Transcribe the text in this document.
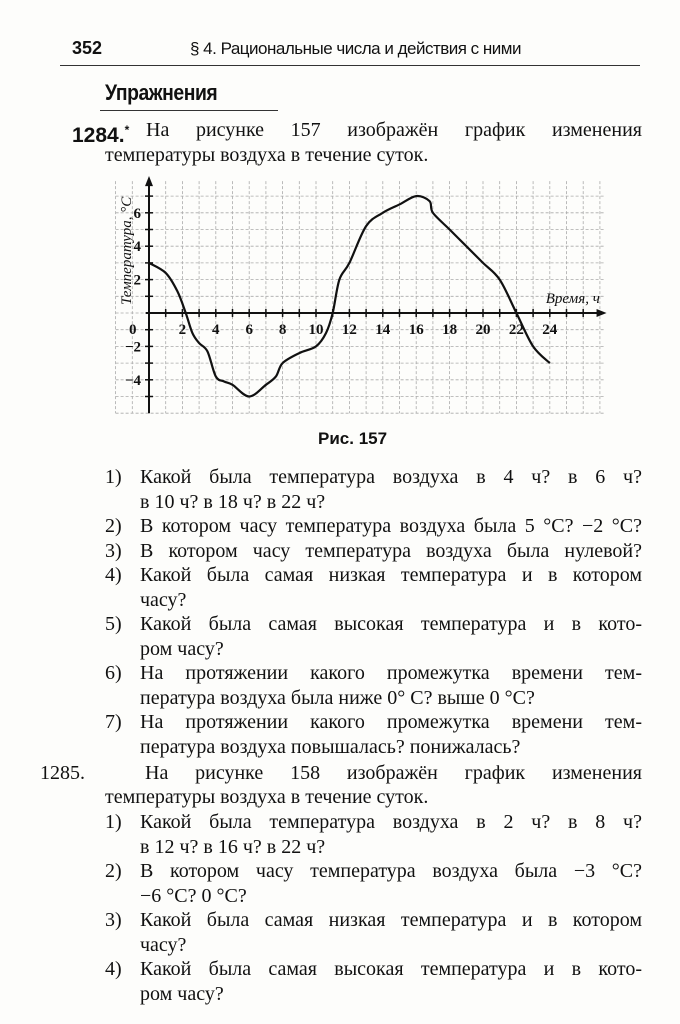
352	§ 4. Рациональные числа и действия с ними
Упражнения
1284.* На рисунке 157 изображён график изменения
температуры воздуха в течение суток.
0	2 4 6 8 10 12 14 16 18 20 22 24
6
4
2
−2
−4
Время, ч
Температура, °С
Рис. 157
1285.	На рисунке 158 изображён график изменения
температуры воздуха в течение суток.
1) Какой была температура воздуха в 4 ч? в 6 ч?
в 10 ч? в 18 ч? в 22 ч?
2) В котором часу температура воздуха была 5 °С? −2 °С?
3) В котором часу температура воздуха была нулевой?
4) Какой была самая низкая температура и в котором
часу?
5) Какой была самая высокая температура и в кото-
ром часу?
6) На протяжении какого промежутка времени тем-
пература воздуха была ниже 0° С? выше 0 °С?
7) На протяжении какого промежутка времени тем-
пература воздуха повышалась? понижалась?
1) Какой была температура воздуха в 2 ч? в 8 ч?
в 12 ч? в 16 ч? в 22 ч?
2) В котором часу температура воздуха была −3 °С?
−6 °С? 0 °С?
3) Какой была самая низкая температура и в котором
часу?
4) Какой была самая высокая температура и в кото-
ром часу?
